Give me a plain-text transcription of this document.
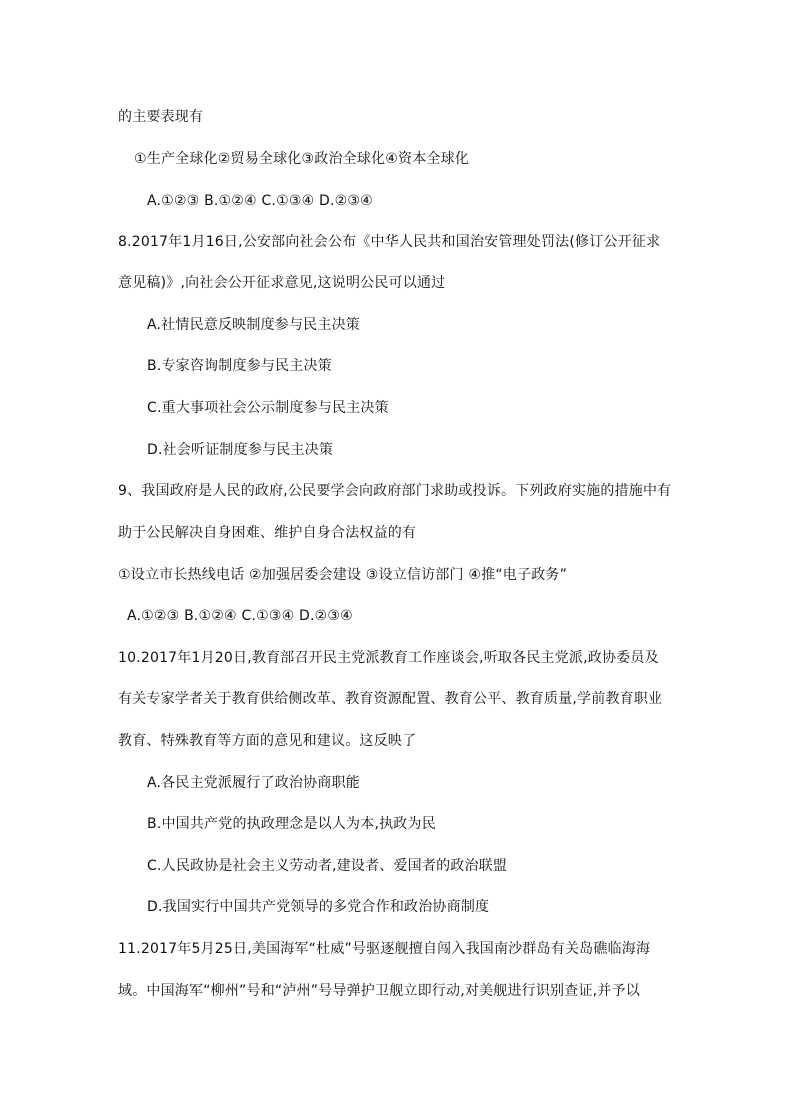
的主要表现有
①生产全球化②贸易全球化③政治全球化④资本全球化
A.①②③ B.①②④ C.①③④ D.②③④
8.2017年1月16日,公安部向社会公布《中华人民共和国治安管理处罚法(修订公开征求
意见稿)》,向社会公开征求意见,这说明公民可以通过
A.社情民意反映制度参与民主决策
B.专家咨询制度参与民主决策
C.重大事项社会公示制度参与民主决策
D.社会听证制度参与民主决策
9、我国政府是人民的政府,公民要学会向政府部门求助或投诉。下列政府实施的措施中有
助于公民解决自身困难、维护自身合法权益的有
①设立市长热线电话 ②加强居委会建设 ③设立信访部门 ④推“电子政务”
A.①②③ B.①②④ C.①③④ D.②③④
10.2017年1月20日,教育部召开民主党派教育工作座谈会,听取各民主党派,政协委员及
有关专家学者关于教育供给侧改革、教育资源配置、教育公平、教育质量,学前教育职业
教育、特殊教育等方面的意见和建议。这反映了
A.各民主党派履行了政治协商职能
B.中国共产党的执政理念是以人为本,执政为民
C.人民政协是社会主义劳动者,建设者、爱国者的政治联盟
D.我国实行中国共产党领导的多党合作和政治协商制度
11.2017年5月25日,美国海军“杜威”号驱逐舰擅自闯入我国南沙群岛有关岛礁临海海
域。中国海军“柳州”号和“泸州”号导弹护卫舰立即行动,对美舰进行识别查证,并予以
